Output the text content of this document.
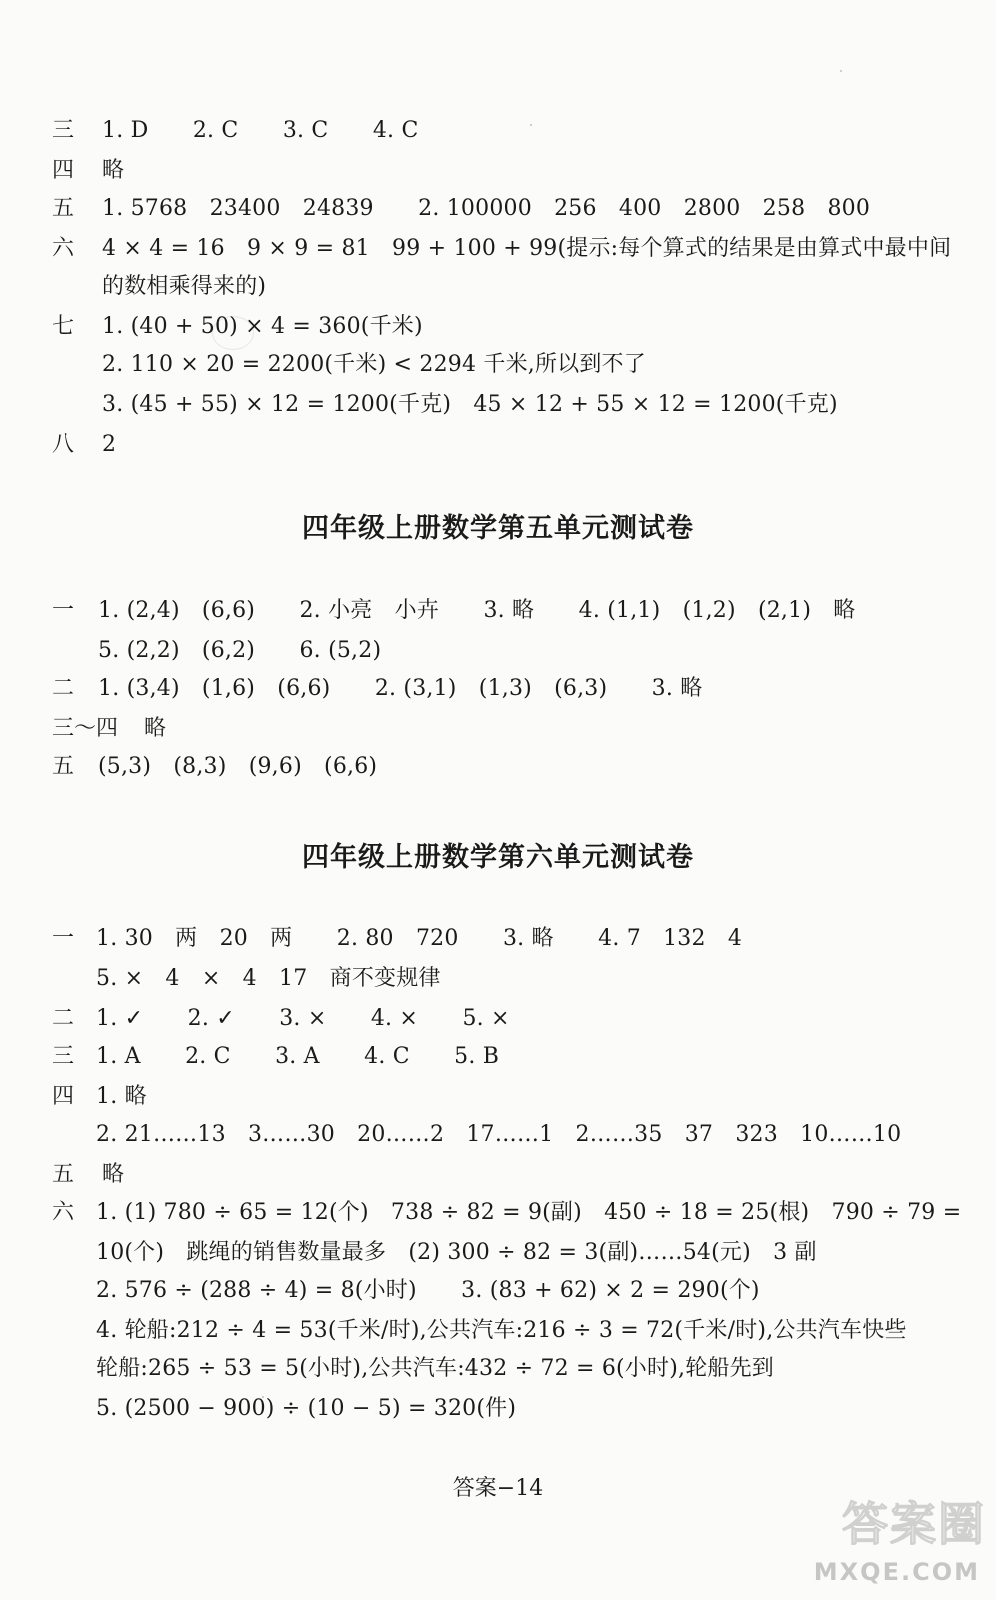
三 1. D　　2. C　　3. C　　4. C
四 略
五 1. 5768　23400　24839　　2. 100000　256　400　2800　258　800
六 4 × 4 = 16　9 × 9 = 81　99 + 100 + 99(提示:每个算式的结果是由算式中最中间
的数相乘得来的)
七 1. (40 + 50) × 4 = 360(千米)
2. 110 × 20 = 2200(千米) < 2294 千米,所以到不了
3. (45 + 55) × 12 = 1200(千克)　45 × 12 + 55 × 12 = 1200(千克)
八 2
四年级上册数学第五单元测试卷
一 1. (2,4)　(6,6)　　2. 小亮　小卉　　3. 略　　4. (1,1)　(1,2)　(2,1)　略
5. (2,2)　(6,2)　　6. (5,2)
二 1. (3,4)　(1,6)　(6,6)　　2. (3,1)　(1,3)　(6,3)　　3. 略
三～四 略
五 (5,3)　(8,3)　(9,6)　(6,6)
四年级上册数学第六单元测试卷
一 1. 30　两　20　两　　2. 80　720　　3. 略　　4. 7　132　4
5. ×　4　×　4　17　商不变规律
二 1. ✓　　2. ✓　　3. ×　　4. ×　　5. ×
三 1. A　　2. C　　3. A　　4. C　　5. B
四 1. 略
2. 21……13　3……30　20……2　17……1　2……35　37　323　10……10
五 略
六 1. (1) 780 ÷ 65 = 12(个)　738 ÷ 82 = 9(副)　450 ÷ 18 = 25(根)　790 ÷ 79 =
10(个)　跳绳的销售数量最多　(2) 300 ÷ 82 = 3(副)……54(元)　3 副
2. 576 ÷ (288 ÷ 4) = 8(小时)　　3. (83 + 62) × 2 = 290(个)
4. 轮船:212 ÷ 4 = 53(千米/时),公共汽车:216 ÷ 3 = 72(千米/时),公共汽车快些
轮船:265 ÷ 53 = 5(小时),公共汽车:432 ÷ 72 = 6(小时),轮船先到
5. (2500 − 900) ÷ (10 − 5) = 320(件)
答案−14
答案圈
MXQE.COM
